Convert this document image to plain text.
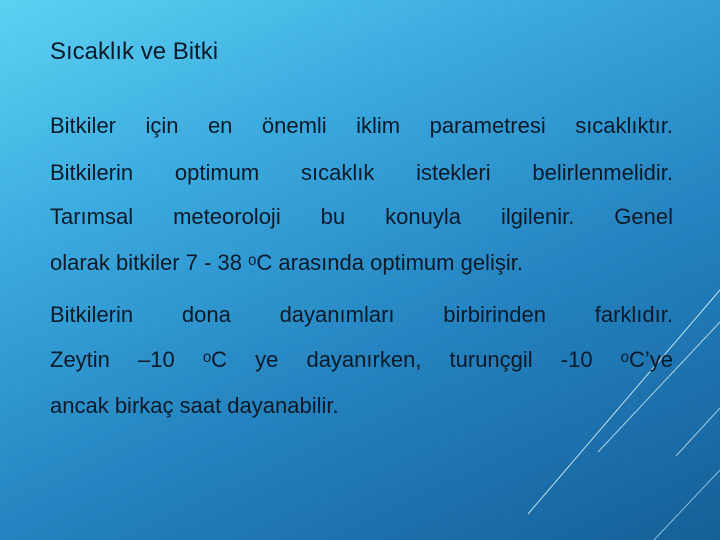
Sıcaklık ve Bitki
Bitkiler için en önemli iklim parametresi sıcaklıktır.
Bitkilerin optimum sıcaklık istekleri belirlenmelidir.
Tarımsal meteoroloji bu konuyla ilgilenir. Genel
olarak bitkiler 7 - 38 ᵒC arasında optimum gelişir.
Bitkilerin dona dayanımları birbirinden farklıdır.
Zeytin –10 ᵒC ye dayanırken, turunçgil -10 ᵒC’ye
ancak birkaç saat dayanabilir.
